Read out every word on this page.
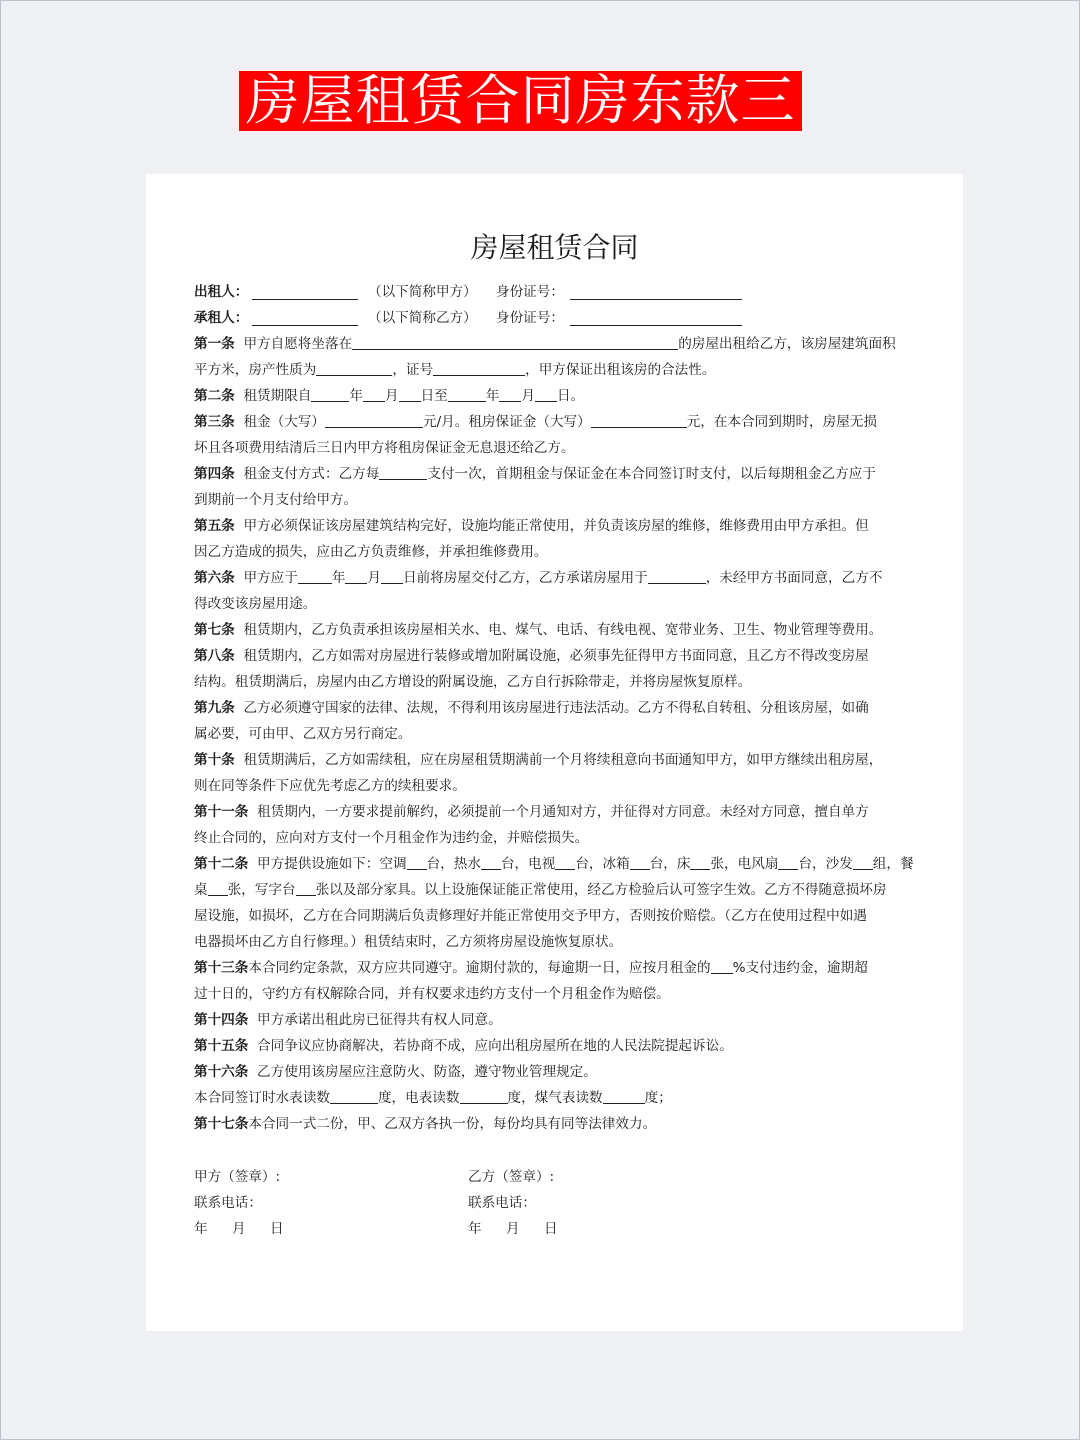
房屋租赁合同房东款三
房屋租赁合同
出租人：	（以下简称甲方）	身份证号：
承租人：	（以下简称乙方）	身份证号：
第一条 甲方自愿将坐落在	的房屋出租给乙方，该房屋建筑面积
平方米，房产性质为	，证号	，甲方保证出租该房的合法性。
第二条 租赁期限自	年 月 日至	年 月 日。
第三条 租金（大写）	元/月。租房保证金（大写）	元，在本合同到期时，房屋无损
坏且各项费用结清后三日内甲方将租房保证金无息退还给乙方。
第四条 租金支付方式：乙方每	支付一次，首期租金与保证金在本合同签订时支付，以后每期租金乙方应于
到期前一个月支付给甲方。
第五条 甲方必须保证该房屋建筑结构完好，设施均能正常使用，并负责该房屋的维修，维修费用由甲方承担。但
因乙方造成的损失，应由乙方负责维修，并承担维修费用。
第六条 甲方应于	年 月 日前将房屋交付乙方，乙方承诺房屋用于	，未经甲方书面同意，乙方不
得改变该房屋用途。
第七条 租赁期内，乙方负责承担该房屋相关水、电、煤气、电话、有线电视、宽带业务、卫生、物业管理等费用。
第八条 租赁期内，乙方如需对房屋进行装修或增加附属设施，必须事先征得甲方书面同意，且乙方不得改变房屋
结构。租赁期满后，房屋内由乙方增设的附属设施，乙方自行拆除带走，并将房屋恢复原样。
第九条 乙方必须遵守国家的法律、法规，不得利用该房屋进行违法活动。乙方不得私自转租、分租该房屋，如确
属必要，可由甲、乙双方另行商定。
第十条 租赁期满后，乙方如需续租，应在房屋租赁期满前一个月将续租意向书面通知甲方，如甲方继续出租房屋，
则在同等条件下应优先考虑乙方的续租要求。
第十一条 租赁期内，一方要求提前解约，必须提前一个月通知对方，并征得对方同意。未经对方同意，擅自单方
终止合同的，应向对方支付一个月租金作为违约金，并赔偿损失。
第十二条 甲方提供设施如下：空调 台，热水 台，电视 台，冰箱 台，床 张，电风扇 台，沙发 组，餐
桌 张，写字台 张以及部分家具。以上设施保证能正常使用，经乙方检验后认可签字生效。乙方不得随意损坏房
屋设施，如损坏，乙方在合同期满后负责修理好并能正常使用交予甲方，否则按价赔偿。（乙方在使用过程中如遇
电器损坏由乙方自行修理。）租赁结束时，乙方须将房屋设施恢复原状。
第十三条本合同约定条款，双方应共同遵守。逾期付款的，每逾期一日，应按月租金的 %支付违约金，逾期超
过十日的，守约方有权解除合同，并有权要求违约方支付一个月租金作为赔偿。
第十四条 甲方承诺出租此房已征得共有权人同意。
第十五条 合同争议应协商解决，若协商不成，应向出租房屋所在地的人民法院提起诉讼。
第十六条 乙方使用该房屋应注意防火、防盗，遵守物业管理规定。
本合同签订时水表读数	度，电表读数	度，煤气表读数	度；
第十七条本合同一式二份，甲、乙双方各执一份，每份均具有同等法律效力。
甲方（签章）:	乙方（签章）:
联系电话：	联系电话：
年 月 日	年 月 日
